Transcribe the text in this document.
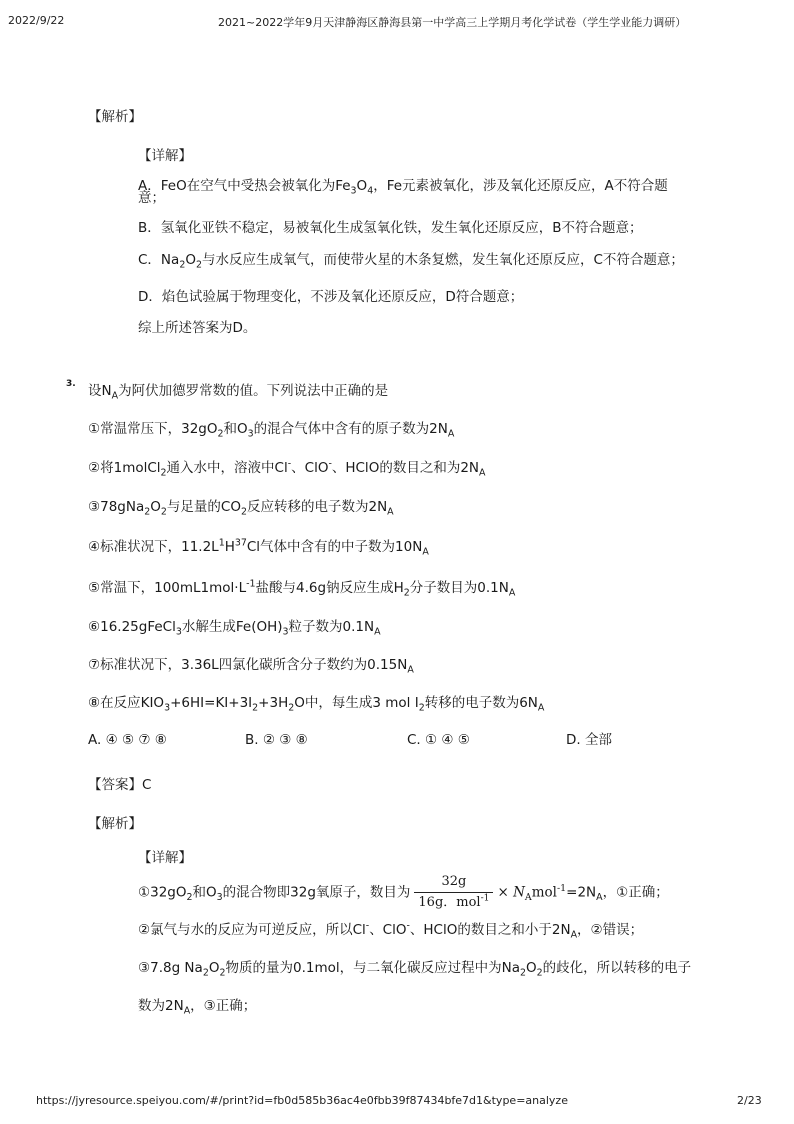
2022/9/22	2021~2022学年9月天津静海区静海县第一中学高三上学期月考化学试卷（学生学业能力调研）
【解析】
【详解】
A．FeO在空气中受热会被氧化为$Fe_3O_4$，Fe元素被氧化，涉及氧化还原反应，A不符合题
意；
B．氢氧化亚铁不稳定，易被氧化生成氢氧化铁，发生氧化还原反应，B不符合题意；
C．$Na_2O_2$与水反应生成氧气，而使带火星的木条复燃，发生氧化还原反应，C不符合题意；
D．焰色试验属于物理变化，不涉及氧化还原反应，D符合题意；
综上所述答案为D。
3. 设$N_A$为阿伏加德罗常数的值。下列说法中正确的是
①常温常压下，$32gO_2$和$O_3$的混合气体中含有的原子数为$2N_A$
②将1molCl$_2$通入水中，溶液中Cl-、ClO-、HClO的数目之和为$2N_A$
$③78gNa_2O_2$与足量的$CO_2$反应转移的电子数为$2N_A$
④标准状况下，$11.2L^1H^{37}Cl$气体中含有的中子数为$10N_A$
⑤常温下，$100mL1mol\cdot L^{-1}$盐酸与4.6g钠反应生成$H_2$分子数目为$0.1N_A$
⑥16.25gFeCl$_3$水解生成$Fe(OH)_3$粒子数为$0.1N_A$
⑦标准状况下，3.36L四氯化碳所含分子数约为$0.15N_A$
⑧在反应$KIO_3+6HI=KI+3I_2+3H_2O$中，每生成3 mol $I_2$转移的电子数为$6N_A$
A. ④ ⑤ ⑦ ⑧	B. ② ③ ⑧	C. ① ④ ⑤	D. 全部
【答案】C
【解析】
【详解】
$①32gO_2$和$O_3$的混合物即32g氧原子，数目为 $\frac{32g}{16g.mol^{-1}} \times N_Amol^{-1}=2N_A$，①正确；
②氯气与水的反应为可逆反应，所以Cl-、ClO-、HClO的数目之和小于$2N_A$，②错误；
③7.8g $Na_2O_2$物质的量为0.1mol，与二氧化碳反应过程中为$Na_2O_2$的歧化，所以转移的电子
数为$2N_A$，③正确；
https://jyresource.speiyou.com/#/print?id=fb0d585b36ac4e0fbb39f87434bfe7d1&type=analyze	2/23
